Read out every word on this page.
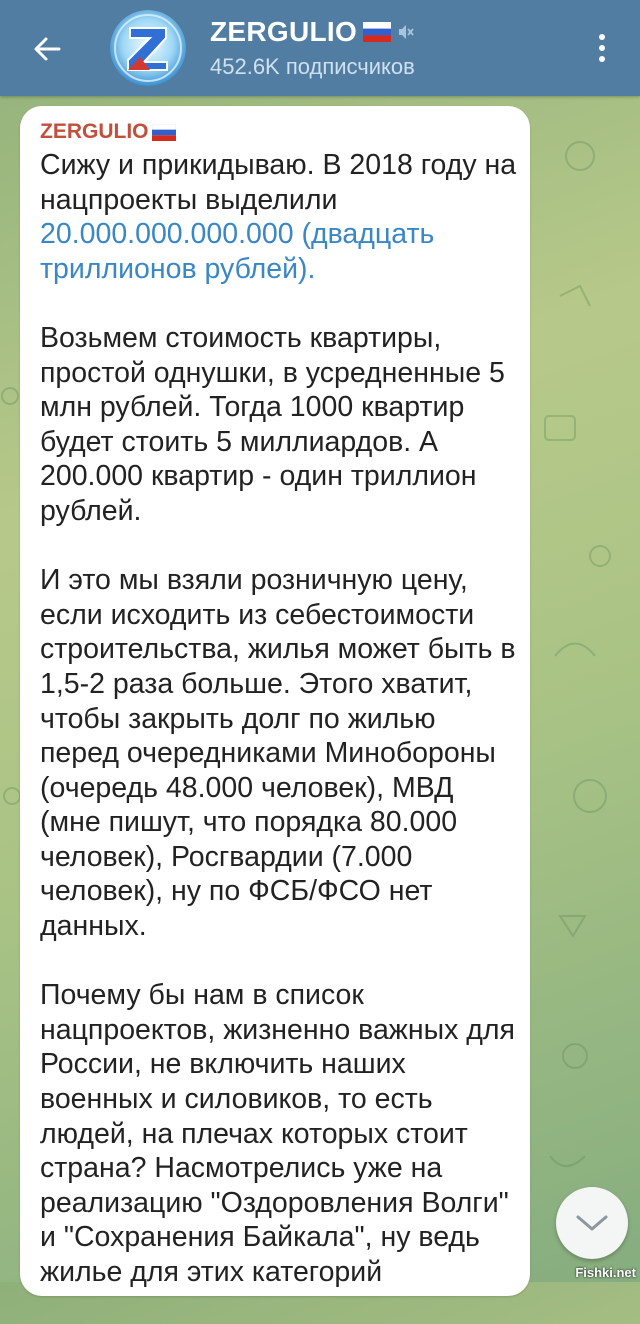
ZERGULIO
452.6K подписчиков
ZERGULIO

Сижу и прикидываю. В 2018 году на нацпроекты выделили 20.000.000.000.000 (двадцать триллионов рублей).

Возьмем стоимость квартиры, простой однушки, в усредненные 5 млн рублей. Тогда 1000 квартир будет стоить 5 миллиардов. А 200.000 квартир - один триллион рублей.

И это мы взяли розничную цену, если исходить из себестоимости строительства, жилья может быть в 1,5-2 раза больше. Этого хватит, чтобы закрыть долг по жилью перед очередниками Минобороны (очередь 48.000 человек), МВД (мне пишут, что порядка 80.000 человек), Росгвардии (7.000 человек), ну по ФСБ/ФСО нет данных.

Почему бы нам в список нацпроектов, жизненно важных для России, не включить наших военных и силовиков, то есть людей, на плечах которых стоит страна? Насмотрелись уже на реализацию "Оздоровления Волги" и "Сохранения Байкала", ну ведь жилье для этих категорий	Fishki.net
